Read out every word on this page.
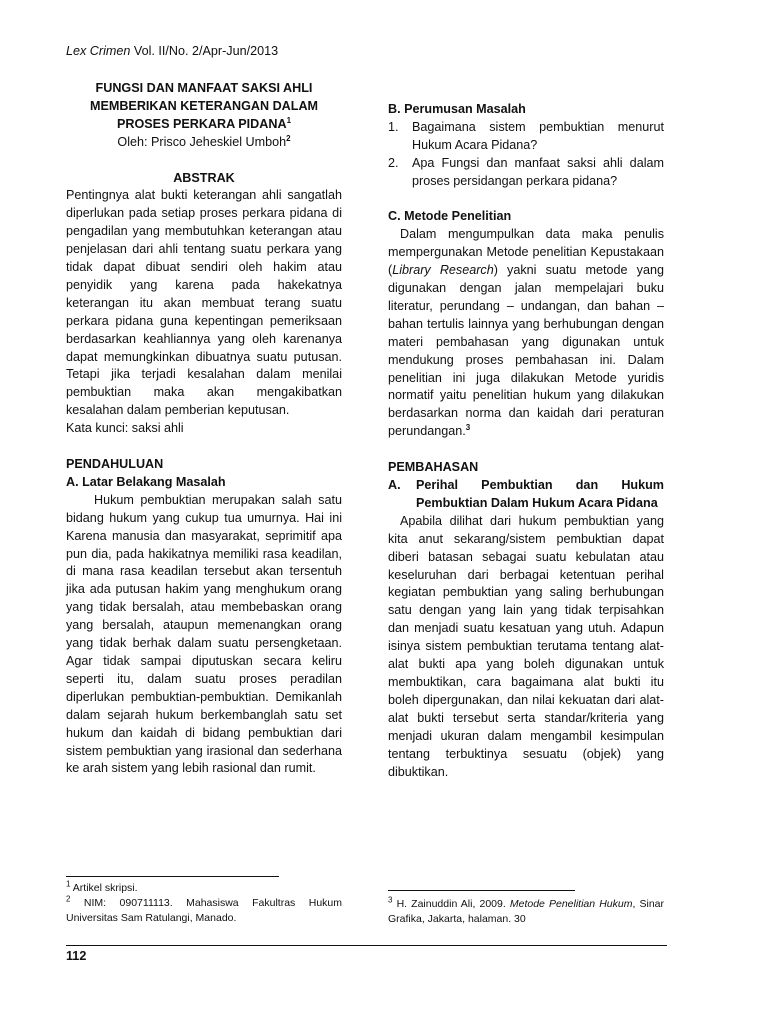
Lex Crimen Vol. II/No. 2/Apr-Jun/2013
FUNGSI DAN MANFAAT SAKSI AHLI
MEMBERIKAN KETERANGAN DALAM
PROSES PERKARA PIDANA$^1$
Oleh: Prisco Jeheskiel Umboh$^2$
ABSTRAK

Pentingnya alat bukti keterangan ahli sangatlah diperlukan pada setiap proses perkara pidana di pengadilan yang membutuhkan keterangan atau penjelasan dari ahli tentang suatu perkara yang tidak dapat dibuat sendiri oleh hakim atau penyidik yang karena pada hakekatnya keterangan itu akan membuat terang suatu perkara pidana guna kepentingan pemeriksaan berdasarkan keahliannya yang oleh karenanya dapat memungkinkan dibuatnya suatu putusan. Tetapi jika terjadi kesalahan dalam menilai pembuktian maka akan mengakibatkan kesalahan dalam pemberian keputusan.

Kata kunci: saksi ahli

PENDAHULUAN
A. Latar Belakang Masalah

Hukum pembuktian merupakan salah satu bidang hukum yang cukup tua umurnya. Hai ini Karena manusia dan masyarakat, seprimitif apa pun dia, pada hakikatnya memiliki rasa keadilan, di mana rasa keadilan tersebut akan tersentuh jika ada putusan hakim yang menghukum orang yang tidak bersalah, atau membebaskan orang yang bersalah, ataupun memenangkan orang yang tidak berhak dalam suatu persengketaan. Agar tidak sampai diputuskan secara keliru seperti itu, dalam suatu proses peradilan diperlukan pembuktian-pembuktian. Demikanlah dalam sejarah hukum berkembanglah satu set hukum dan kaidah di bidang pembuktian dari sistem pembuktian yang irasional dan sederhana ke arah sistem yang lebih rasional dan rumit.

$^1$ Artikel skripsi.

$^2$ NIM: 090711113. Mahasiswa Fakultras Hukum Universitas Sam Ratulangi, Manado.

B. Perumusan Masalah
1. Bagaimana sistem pembuktian menurut Hukum Acara Pidana?
2. Apa Fungsi dan manfaat saksi ahli dalam proses persidangan perkara pidana?
C. Metode Penelitian

Dalam mengumpulkan data maka penulis mempergunakan Metode penelitian Kepustakaan (Library Research) yakni suatu metode yang digunakan dengan jalan mempelajari buku literatur, perundang – undangan, dan bahan – bahan tertulis lainnya yang berhubungan dengan materi pembahasan yang digunakan untuk mendukung proses pembahasan ini. Dalam penelitian ini juga dilakukan Metode yuridis normatif yaitu penelitian hukum yang dilakukan berdasarkan norma dan kaidah dari peraturan perundangan.$^3$

PEMBAHASAN
A. Perihal Pembuktian dan Hukum Pembuktian Dalam Hukum Acara Pidana

Apabila dilihat dari hukum pembuktian yang kita anut sekarang/sistem pembuktian dapat diberi batasan sebagai suatu kebulatan atau keseluruhan dari berbagai ketentuan perihal kegiatan pembuktian yang saling berhubungan satu dengan yang lain yang tidak terpisahkan dan menjadi suatu kesatuan yang utuh. Adapun isinya sistem pembuktian terutama tentang alat-alat bukti apa yang boleh digunakan untuk membuktikan, cara bagaimana alat bukti itu boleh dipergunakan, dan nilai kekuatan dari alat-alat bukti tersebut serta standar/kriteria yang menjadi ukuran dalam mengambil kesimpulan tentang terbuktinya sesuatu (objek) yang dibuktikan.

$^3$ H. Zainuddin Ali, 2009. Metode Penelitian Hukum, Sinar Grafika, Jakarta, halaman. 30

112
